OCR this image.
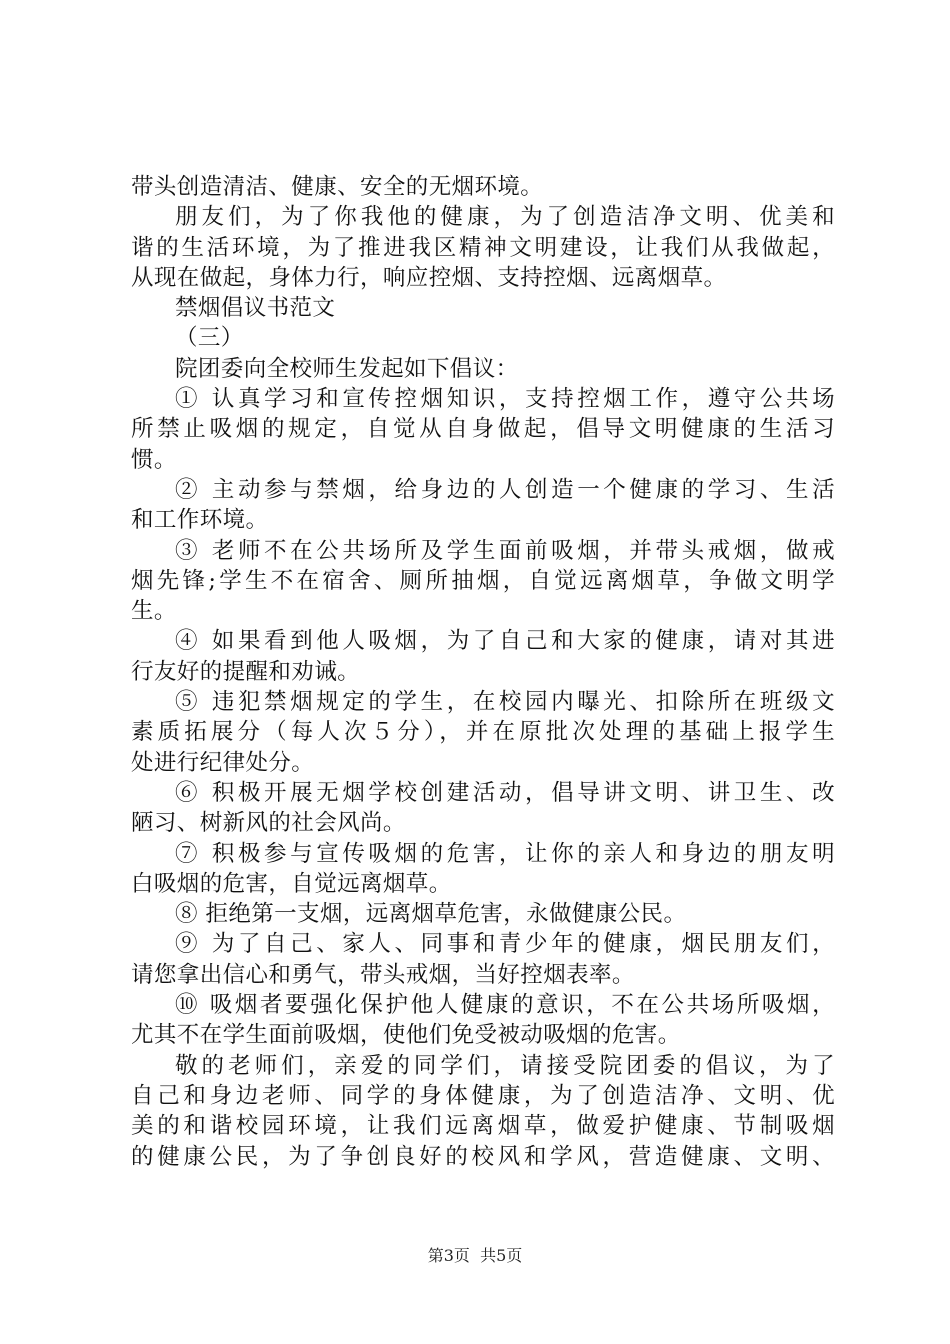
带头创造清洁、健康、安全的无烟环境。
朋友们，为了你我他的健康，为了创造洁净文明、优美和
谐的生活环境，为了推进我区精神文明建设，让我们从我做起，
从现在做起，身体力行，响应控烟、支持控烟、远离烟草。
禁烟倡议书范文
（三）
院团委向全校师生发起如下倡议：
① 认真学习和宣传控烟知识，支持控烟工作，遵守公共场
所禁止吸烟的规定，自觉从自身做起，倡导文明健康的生活习
惯。
② 主动参与禁烟，给身边的人创造一个健康的学习、生活
和工作环境。
③ 老师不在公共场所及学生面前吸烟，并带头戒烟，做戒
烟先锋;学生不在宿舍、厕所抽烟，自觉远离烟草，争做文明学
生。
④ 如果看到他人吸烟，为了自己和大家的健康，请对其进
行友好的提醒和劝诫。
⑤ 违犯禁烟规定的学生，在校园内曝光、扣除所在班级文
素质拓展分（每人次５分），并在原批次处理的基础上报学生
处进行纪律处分。
⑥ 积极开展无烟学校创建活动，倡导讲文明、讲卫生、改
陋习、树新风的社会风尚。
⑦ 积极参与宣传吸烟的危害，让你的亲人和身边的朋友明
白吸烟的危害，自觉远离烟草。
⑧ 拒绝第一支烟，远离烟草危害，永做健康公民。
⑨ 为了自己、家人、同事和青少年的健康，烟民朋友们，
请您拿出信心和勇气，带头戒烟，当好控烟表率。
⑩ 吸烟者要强化保护他人健康的意识，不在公共场所吸烟，
尤其不在学生面前吸烟，使他们免受被动吸烟的危害。
敬的老师们，亲爱的同学们，请接受院团委的倡议，为了
自己和身边老师、同学的身体健康，为了创造洁净、文明、优
美的和谐校园环境，让我们远离烟草，做爱护健康、节制吸烟
的健康公民，为了争创良好的校风和学风，营造健康、文明、
第3页 共5页
